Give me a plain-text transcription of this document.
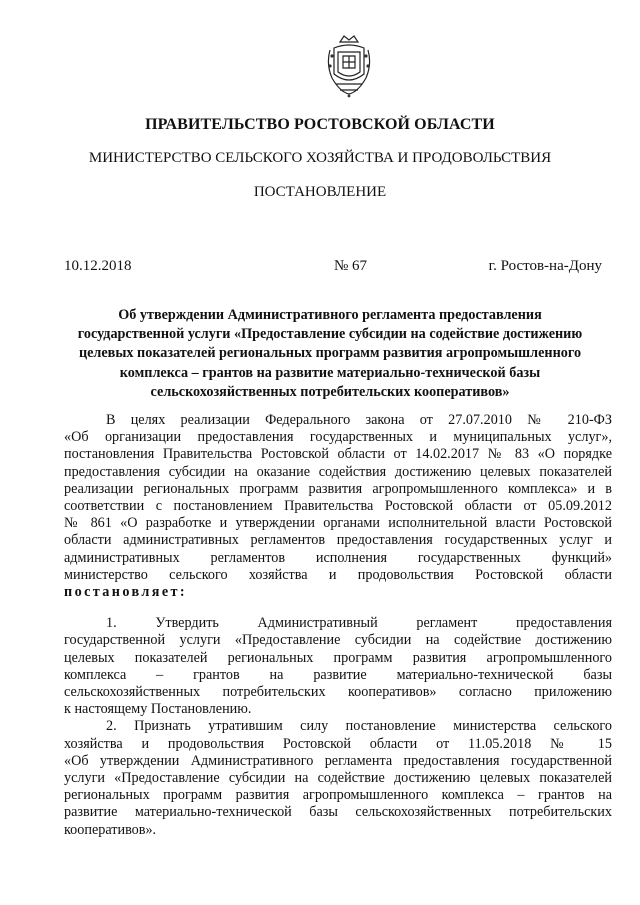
ПРАВИТЕЛЬСТВО РОСТОВСКОЙ ОБЛАСТИ
МИНИСТЕРСТВО СЕЛЬСКОГО ХОЗЯЙСТВА И ПРОДОВОЛЬСТВИЯ
ПОСТАНОВЛЕНИЕ
10.12.2018	№ 67	г. Ростов-на-Дону
Об утверждении Административного регламента предоставления
государственной услуги «Предоставление субсидии на содействие достижению
целевых показателей региональных программ развития агропромышленного
комплекса – грантов на развитие материально-технической базы
сельскохозяйственных потребительских кооперативов»
В целях реализации Федерального закона от 27.07.2010 № 210-ФЗ
«Об организации предоставления государственных и муниципальных услуг»,
постановления Правительства Ростовской области от 14.02.2017 № 83 «О порядке
предоставления субсидии на оказание содействия достижению целевых показателей
реализации региональных программ развития агропромышленного комплекса» и в
соответствии с постановлением Правительства Ростовской области от 05.09.2012
№ 861 «О разработке и утверждении органами исполнительной власти Ростовской
области административных регламентов предоставления государственных услуг и
административных регламентов исполнения государственных функций»
министерство сельского хозяйства и продовольствия Ростовской области
постановляет:
1. Утвердить Административный регламент предоставления
государственной услуги «Предоставление субсидии на содействие достижению
целевых показателей региональных программ развития агропромышленного
комплекса – грантов на развитие материально-технической базы
сельскохозяйственных потребительских кооперативов» согласно приложению
к настоящему Постановлению.
2. Признать утратившим силу постановление министерства сельского
хозяйства и продовольствия Ростовской области от 11.05.2018 № 15
«Об утверждении Административного регламента предоставления государственной
услуги «Предоставление субсидии на содействие достижению целевых показателей
региональных программ развития агропромышленного комплекса – грантов на
развитие материально-технической базы сельскохозяйственных потребительских
кооперативов».
